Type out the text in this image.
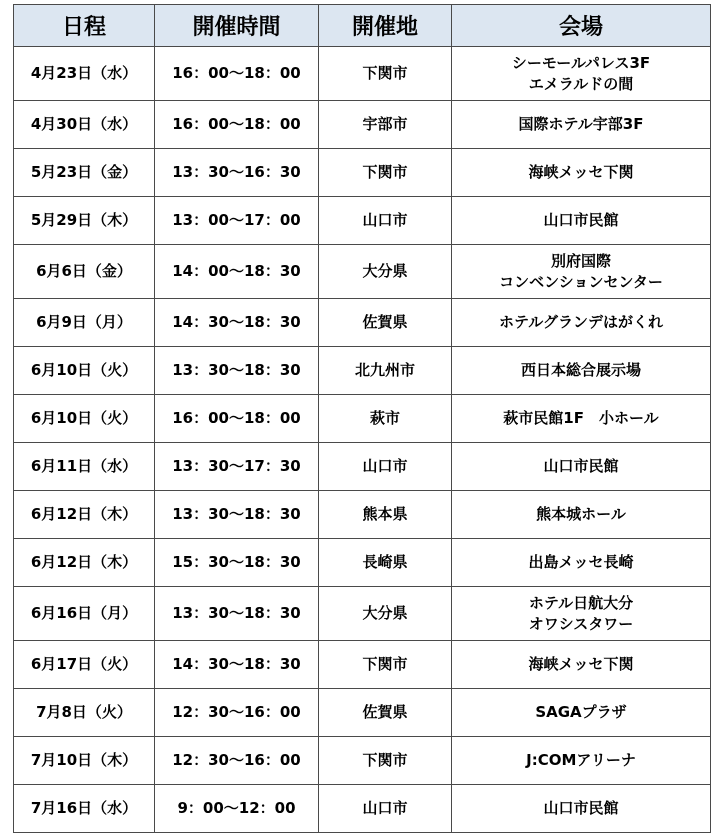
日程	開催時間	開催地	会場
4月23日（水）	16：00～18：00	下関市	シーモールパレス3F
エメラルドの間

4月30日（水）	16：00～18：00	宇部市	国際ホテル宇部3F

5月23日（金）	13：30～16：30	下関市	海峡メッセ下関

5月29日（木）	13：00～17：00	山口市	山口市民館

6月6日（金）	14：00～18：30	大分県	別府国際
コンベンションセンター

6月9日（月）	14：30～18：30	佐賀県	ホテルグランデはがくれ

6月10日（火）	13：30～18：30	北九州市	西日本総合展示場

6月10日（火）	16：00～18：00	萩市	萩市民館1F　小ホール

6月11日（水）	13：30～17：30	山口市	山口市民館

6月12日（木）	13：30～18：30	熊本県	熊本城ホール

6月12日（木）	15：30～18：30	長崎県	出島メッセ長崎

6月16日（月）	13：30～18：30	大分県	ホテル日航大分
オワシスタワー

6月17日（火）	14：30～18：30	下関市	海峡メッセ下関

7月8日（火）	12：30～16：00	佐賀県	SAGAプラザ

7月10日（木）	12：30～16：00	下関市	J:COMアリーナ

7月16日（水）	9：00～12：00	山口市	山口市民館
